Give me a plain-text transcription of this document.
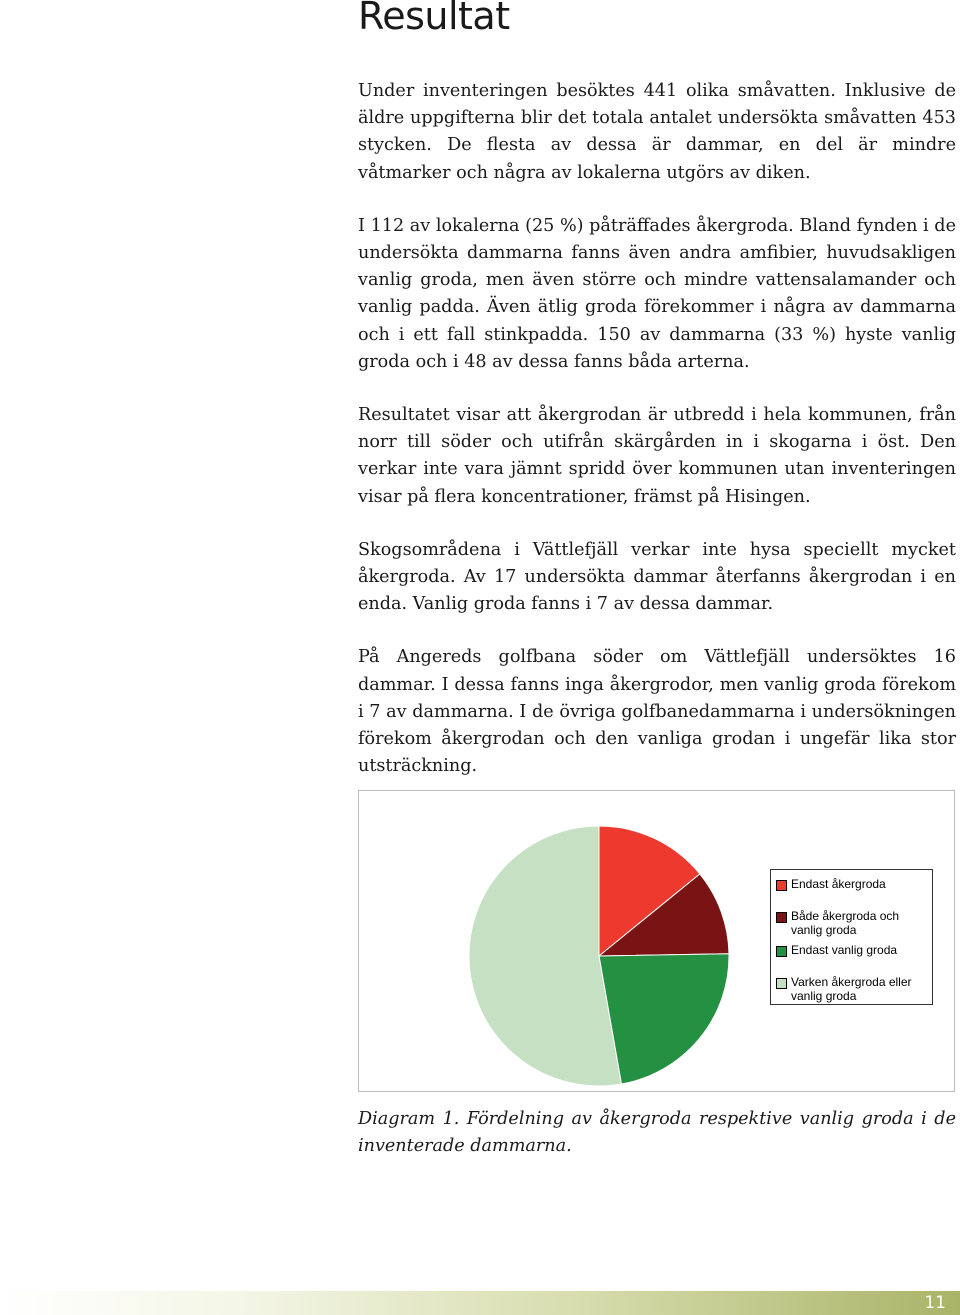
Resultat

Under inventeringen besöktes 441 olika småvatten. Inklusive de äldre uppgifterna blir det totala antalet undersökta småvatten 453 stycken. De flesta av dessa är dammar, en del är mindre våtmarker och några av lokalerna utgörs av diken.

I 112 av lokalerna (25 %) påträffades åkergroda. Bland fynden i de undersökta dammarna fanns även andra amfibier, huvudsakligen vanlig groda, men även större och mindre vattensalamander och vanlig padda. Även ätlig groda förekommer i några av dammarna och i ett fall stinkpadda. 150 av dammarna (33 %) hyste vanlig groda och i 48 av dessa fanns båda arterna.

Resultatet visar att åkergrodan är utbredd i hela kommunen, från norr till söder och utifrån skärgården in i skogarna i öst. Den verkar inte vara jämnt spridd över kommunen utan inventeringen visar på flera koncentrationer, främst på Hisingen.

Skogsområdena i Vättlefjäll verkar inte hysa speciellt mycket åkergroda. Av 17 undersökta dammar återfanns åkergrodan i en enda. Vanlig groda fanns i 7 av dessa dammar.

På Angereds golfbana söder om Vättlefjäll undersöktes 16 dammar. I dessa fanns inga åkergrodor, men vanlig groda förekom i 7 av dammarna. I de övriga golfbanedammarna i undersökningen förekom åkergrodan och den vanliga grodan i ungefär lika stor utsträckning.

Endast åkergroda
Både åkergroda och vanlig groda
Endast vanlig groda
Varken åkergroda eller vanlig groda

Diagram 1. Fördelning av åkergroda respektive vanlig groda i de inventerade dammarna.

11
